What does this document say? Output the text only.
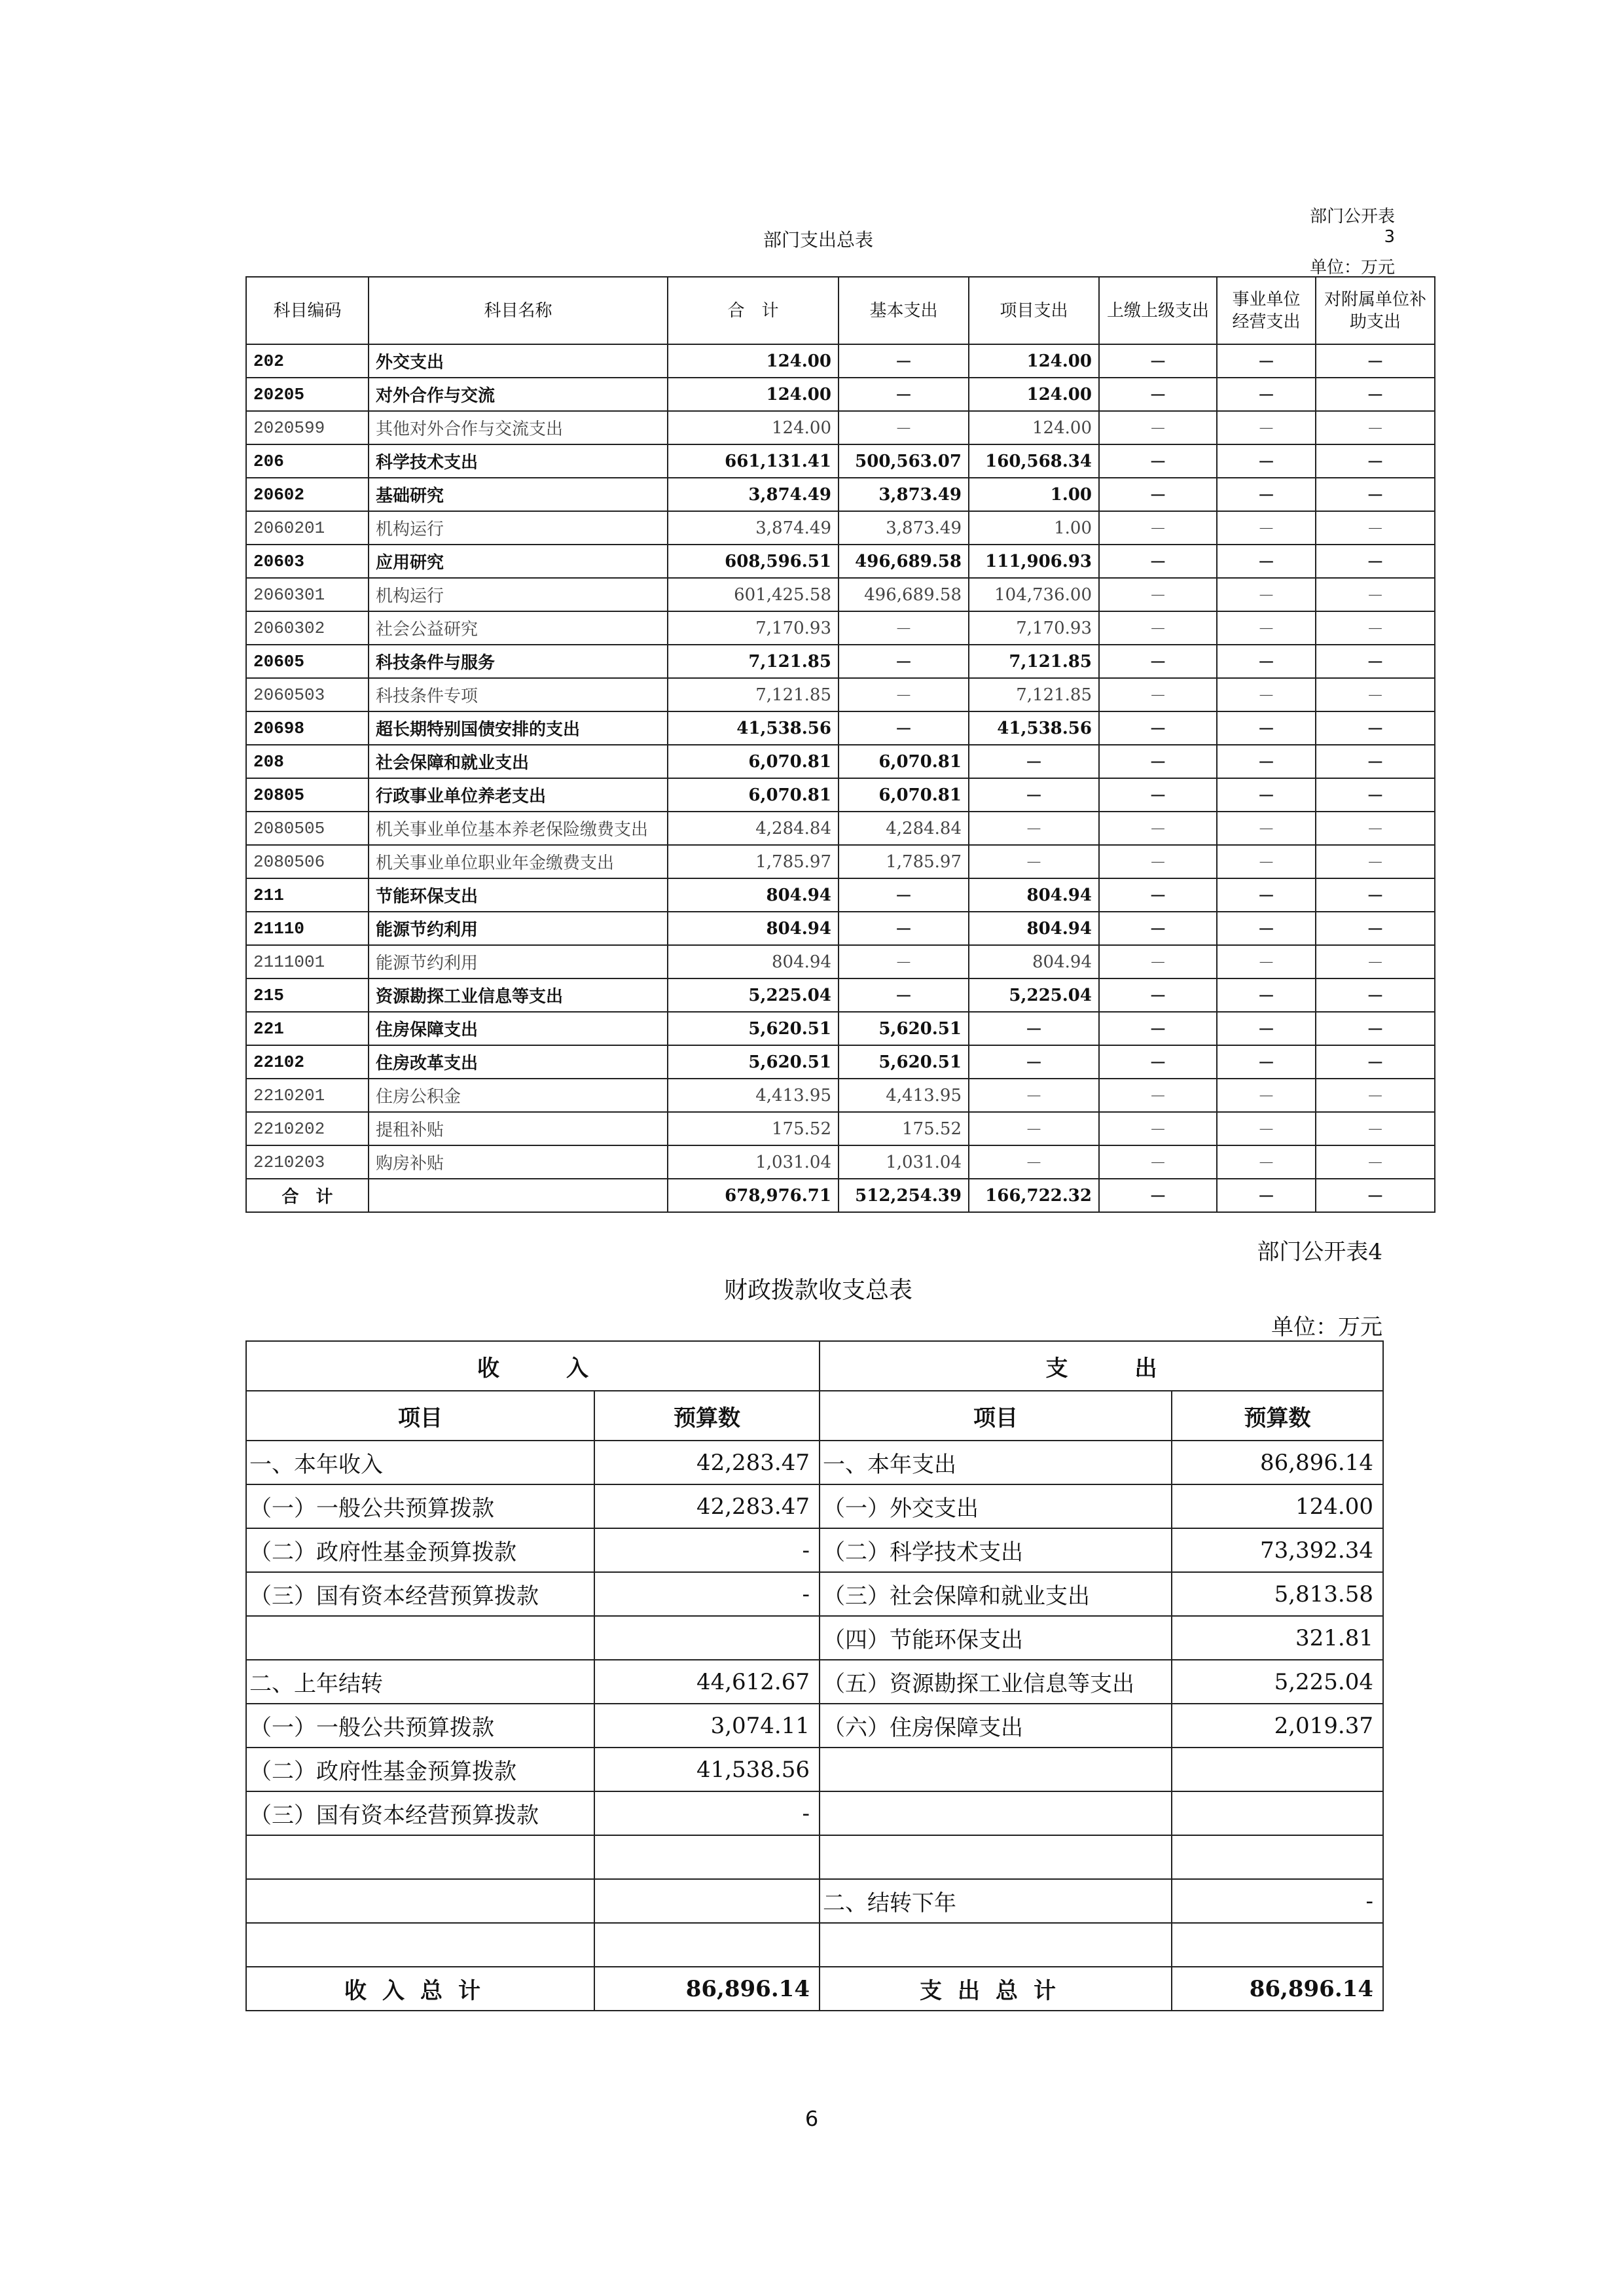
部门公开表3
部门支出总表
单位：万元
科目编码	科目名称	合　计	基本支出	项目支出	上缴上级支出	事业单位经营支出	对附属单位补助支出
202	外交支出	124.00	－	124.00	－	－	－
20205	对外合作与交流	124.00	－	124.00	－	－	－
2020599	其他对外合作与交流支出	124.00	－	124.00	－	－	－
206	科学技术支出	661,131.41	500,563.07	160,568.34	－	－	－
20602	基础研究	3,874.49	3,873.49	1.00	－	－	－
2060201	机构运行	3,874.49	3,873.49	1.00	－	－	－
20603	应用研究	608,596.51	496,689.58	111,906.93	－	－	－
2060301	机构运行	601,425.58	496,689.58	104,736.00	－	－	－
2060302	社会公益研究	7,170.93	－	7,170.93	－	－	－
20605	科技条件与服务	7,121.85	－	7,121.85	－	－	－
2060503	科技条件专项	7,121.85	－	7,121.85	－	－	－
20698	超长期特别国债安排的支出	41,538.56	－	41,538.56	－	－	－
208	社会保障和就业支出	6,070.81	6,070.81	－	－	－	－
20805	行政事业单位养老支出	6,070.81	6,070.81	－	－	－	－
2080505	机关事业单位基本养老保险缴费支出	4,284.84	4,284.84	－	－	－	－
2080506	机关事业单位职业年金缴费支出	1,785.97	1,785.97	－	－	－	－
211	节能环保支出	804.94	－	804.94	－	－	－
21110	能源节约利用	804.94	－	804.94	－	－	－
2111001	能源节约利用	804.94	－	804.94	－	－	－
215	资源勘探工业信息等支出	5,225.04	－	5,225.04	－	－	－
221	住房保障支出	5,620.51	5,620.51	－	－	－	－
22102	住房改革支出	5,620.51	5,620.51	－	－	－	－
2210201	住房公积金	4,413.95	4,413.95	－	－	－	－
2210202	提租补贴	175.52	175.52	－	－	－	－
2210203	购房补贴	1,031.04	1,031.04	－	－	－	－
合　计		678,976.71	512,254.39	166,722.32	－	－	－
部门公开表4
财政拨款收支总表
单位：万元
收　　　入		支　　　出	
项目	预算数	项目	预算数
一、本年收入	42,283.47	一、本年支出	86,896.14
（一）一般公共预算拨款	42,283.47	（一）外交支出	124.00
（二）政府性基金预算拨款	-	（二）科学技术支出	73,392.34
（三）国有资本经营预算拨款	-	（三）社会保障和就业支出	5,813.58
		（四）节能环保支出	321.81
二、上年结转	44,612.67	（五）资源勘探工业信息等支出	5,225.04
（一）一般公共预算拨款	3,074.11	（六）住房保障支出	2,019.37
（二）政府性基金预算拨款	41,538.56		
（三）国有资本经营预算拨款	-		

		二、结转下年	-

收入总计	86,896.14	支出总计	86,896.14
6
